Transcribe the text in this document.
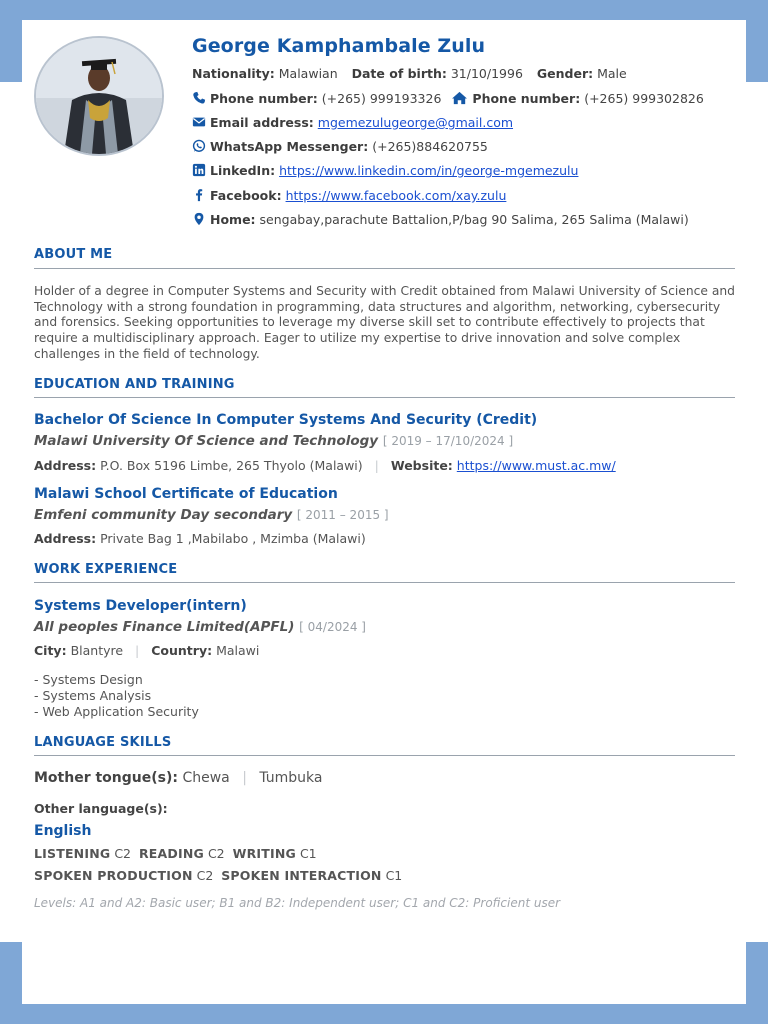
George Kamphambale Zulu
Nationality: Malawian Date of birth: 31/10/1996 Gender: Male
Phone number: (+265) 999193326 Phone number: (+265) 999302826
Email address: mgemezulugeorge@gmail.com
WhatsApp Messenger: (+265)884620755
LinkedIn: https://www.linkedin.com/in/george-mgemezulu
Facebook: https://www.facebook.com/xay.zulu
Home: sengabay,parachute Battalion,P/bag 90 Salima, 265 Salima (Malawi)
ABOUT ME
Holder of a degree in Computer Systems and Security with Credit obtained from Malawi University of Science and Technology with a strong foundation in programming, data structures and algorithm, networking, cybersecurity and forensics. Seeking opportunities to leverage my diverse skill set to contribute effectively to projects that require a multidisciplinary approach. Eager to utilize my expertise to drive innovation and solve complex challenges in the field of technology.
EDUCATION AND TRAINING
Bachelor Of Science In Computer Systems And Security (Credit)
Malawi University Of Science and Technology [ 2019 – 17/10/2024 ]
Address: P.O. Box 5196 Limbe, 265 Thyolo (Malawi) | Website: https://www.must.ac.mw/
Malawi School Certificate of Education
Emfeni community Day secondary [ 2011 – 2015 ]
Address: Private Bag 1 ,Mabilabo , Mzimba (Malawi)
WORK EXPERIENCE
Systems Developer(intern)
All peoples Finance Limited(APFL) [ 04/2024 ]
City: Blantyre | Country: Malawi
- Systems Design
- Systems Analysis
- Web Application Security
LANGUAGE SKILLS
Mother tongue(s): Chewa | Tumbuka
Other language(s):
English
LISTENING C2 READING C2 WRITING C1
SPOKEN PRODUCTION C2 SPOKEN INTERACTION C1
Levels: A1 and A2: Basic user; B1 and B2: Independent user; C1 and C2: Proficient user
